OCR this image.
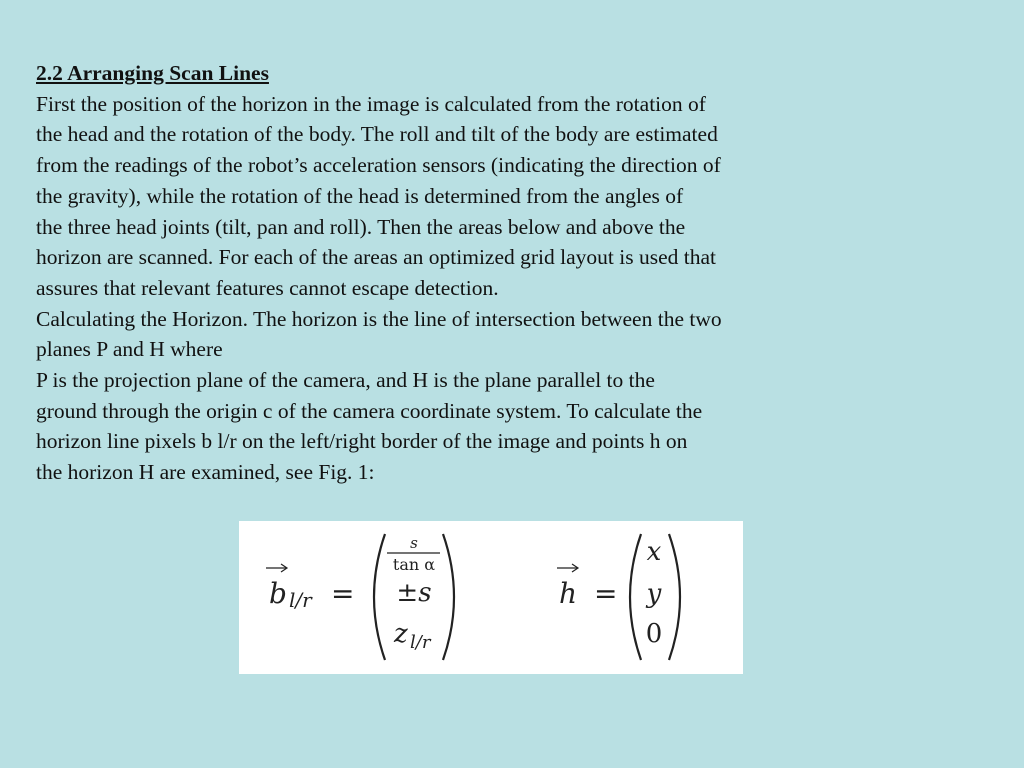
2.2 Arranging Scan Lines
First the position of the horizon in the image is calculated from the rotation of
the head and the rotation of the body. The roll and tilt of the body are estimated
from the readings of the robot’s acceleration sensors (indicating the direction of
the gravity), while the rotation of the head is determined from the angles of
the three head joints (tilt, pan and roll). Then the areas below and above the
horizon are scanned. For each of the areas an optimized grid layout is used that
assures that relevant features cannot escape detection.
Calculating the Horizon. The horizon is the line of intersection between the two
planes P and H where
P is the projection plane of the camera, and H is the plane parallel to the
ground through the origin c of the camera coordinate system. To calculate the
horizon line pixels b l/r on the left/right border of the image and points h on
the horizon H are examined, see Fig. 1:
b l/r =
s
tan α
±s
z l/r
h =
x
y
0
